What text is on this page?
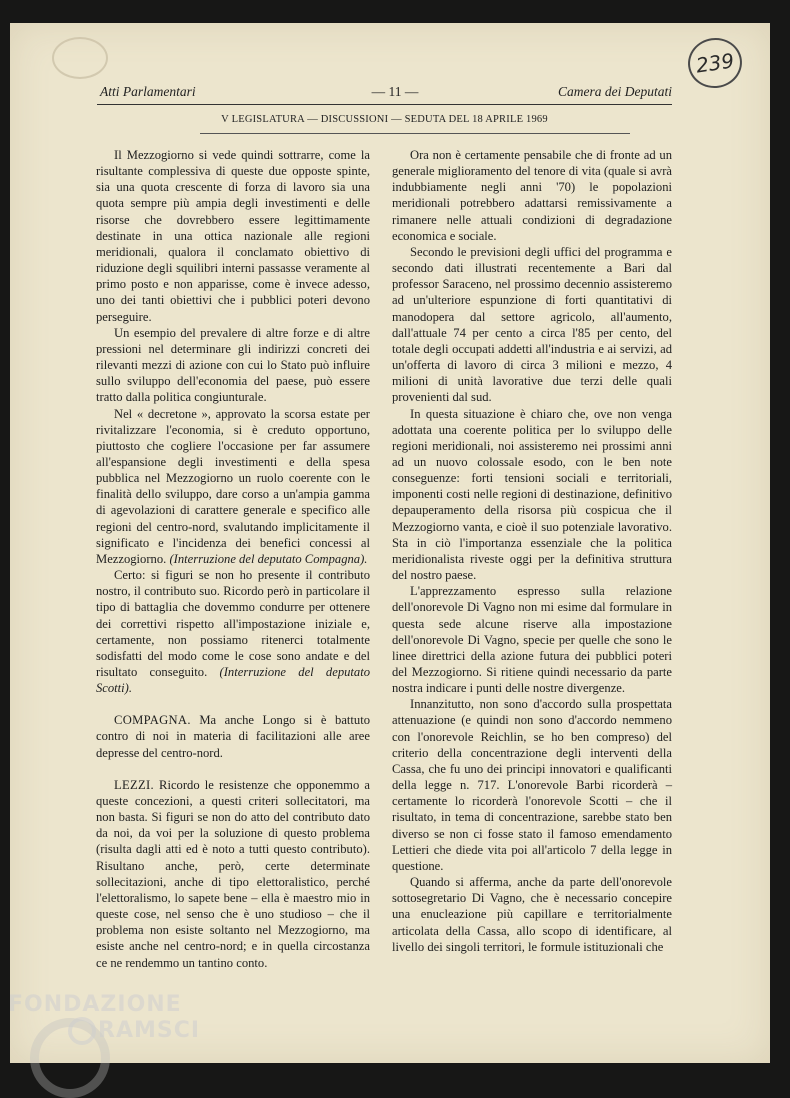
239
Atti Parlamentari	— 11 —	Camera dei Deputati
V LEGISLATURA — DISCUSSIONI — SEDUTA DEL 18 APRILE 1969

Il Mezzogiorno si vede quindi sottrarre, come la risultante complessiva di queste due opposte spinte, sia una quota crescente di forza di lavoro sia una quota sempre più ampia degli investimenti e delle risorse che dovrebbero essere legittimamente destinate in una ottica nazionale alle regioni meridionali, qualora il conclamato obiettivo di riduzione degli squilibri interni passasse veramente al primo posto e non apparisse, come è invece adesso, uno dei tanti obiettivi che i pubblici poteri devono perseguire.

Un esempio del prevalere di altre forze e di altre pressioni nel determinare gli indirizzi concreti dei rilevanti mezzi di azione con cui lo Stato può influire sullo sviluppo dell'economia del paese, può essere tratto dalla politica congiunturale.

Nel « decretone », approvato la scorsa estate per rivitalizzare l'economia, si è creduto opportuno, piuttosto che cogliere l'occasione per far assumere all'espansione degli investimenti e della spesa pubblica nel Mezzogiorno un ruolo coerente con le finalità dello sviluppo, dare corso a un'ampia gamma di agevolazioni di carattere generale e specifico alle regioni del centro-nord, svalutando implicitamente il significato e l'incidenza dei benefici concessi al Mezzogiorno. (Interruzione del deputato Compagna).

Certo: si figuri se non ho presente il contributo nostro, il contributo suo. Ricordo però in particolare il tipo di battaglia che dovemmo condurre per ottenere dei correttivi rispetto all'impostazione iniziale e, certamente, non possiamo ritenerci totalmente sodisfatti del modo come le cose sono andate e del risultato conseguito. (Interruzione del deputato Scotti).

COMPAGNA. Ma anche Longo si è battuto contro di noi in materia di facilitazioni alle aree depresse del centro-nord.

LEZZI. Ricordo le resistenze che opponemmo a queste concezioni, a questi criteri sollecitatori, ma non basta. Si figuri se non do atto del contributo dato da noi, da voi per la soluzione di questo problema (risulta dagli atti ed è noto a tutti questo contributo). Risultano anche, però, certe determinate sollecitazioni, anche di tipo elettoralistico, perché l'elettoralismo, lo sapete bene – ella è maestro mio in queste cose, nel senso che è uno studioso – che il problema non esiste soltanto nel Mezzogiorno, ma esiste anche nel centro-nord; e in quella circostanza ce ne rendemmo un tantino conto.

Ora non è certamente pensabile che di fronte ad un generale miglioramento del tenore di vita (quale si avrà indubbiamente negli anni '70) le popolazioni meridionali potrebbero adattarsi remissivamente a rimanere nelle attuali condizioni di degradazione economica e sociale.

Secondo le previsioni degli uffici del programma e secondo dati illustrati recentemente a Bari dal professor Saraceno, nel prossimo decennio assisteremo ad un'ulteriore espunzione di forti quantitativi di manodopera dal settore agricolo, all'aumento, dall'attuale 74 per cento a circa l'85 per cento, del totale degli occupati addetti all'industria e ai servizi, ad un'offerta di lavoro di circa 3 milioni e mezzo, 4 milioni di unità lavorative due terzi delle quali provenienti dal sud.

In questa situazione è chiaro che, ove non venga adottata una coerente politica per lo sviluppo delle regioni meridionali, noi assisteremo nei prossimi anni ad un nuovo colossale esodo, con le ben note conseguenze: forti tensioni sociali e territoriali, imponenti costi nelle regioni di destinazione, definitivo depauperamento della risorsa più cospicua che il Mezzogiorno vanta, e cioè il suo potenziale lavorativo. Sta in ciò l'importanza essenziale che la politica meridionalista riveste oggi per la definitiva struttura del nostro paese.

L'apprezzamento espresso sulla relazione dell'onorevole Di Vagno non mi esime dal formulare in questa sede alcune riserve alla impostazione dell'onorevole Di Vagno, specie per quelle che sono le linee direttrici della azione futura dei pubblici poteri del Mezzogiorno. Si ritiene quindi necessario da parte nostra indicare i punti delle nostre divergenze.

Innanzitutto, non sono d'accordo sulla prospettata attenuazione (e quindi non sono d'accordo nemmeno con l'onorevole Reichlin, se ho ben compreso) del criterio della concentrazione degli interventi della Cassa, che fu uno dei principi innovatori e qualificanti della legge n. 717. L'onorevole Barbi ricorderà – certamente lo ricorderà l'onorevole Scotti – che il risultato, in tema di concentrazione, sarebbe stato ben diverso se non ci fosse stato il famoso emendamento Lettieri che diede vita poi all'articolo 7 della legge in questione.

Quando si afferma, anche da parte dell'onorevole sottosegretario Di Vagno, che è necessario concepire una enucleazione più capillare e territorialmente articolata della Cassa, allo scopo di identificare, al livello dei singoli territori, le formule istituzionali che

FONDAZIONE
RAMSCI
